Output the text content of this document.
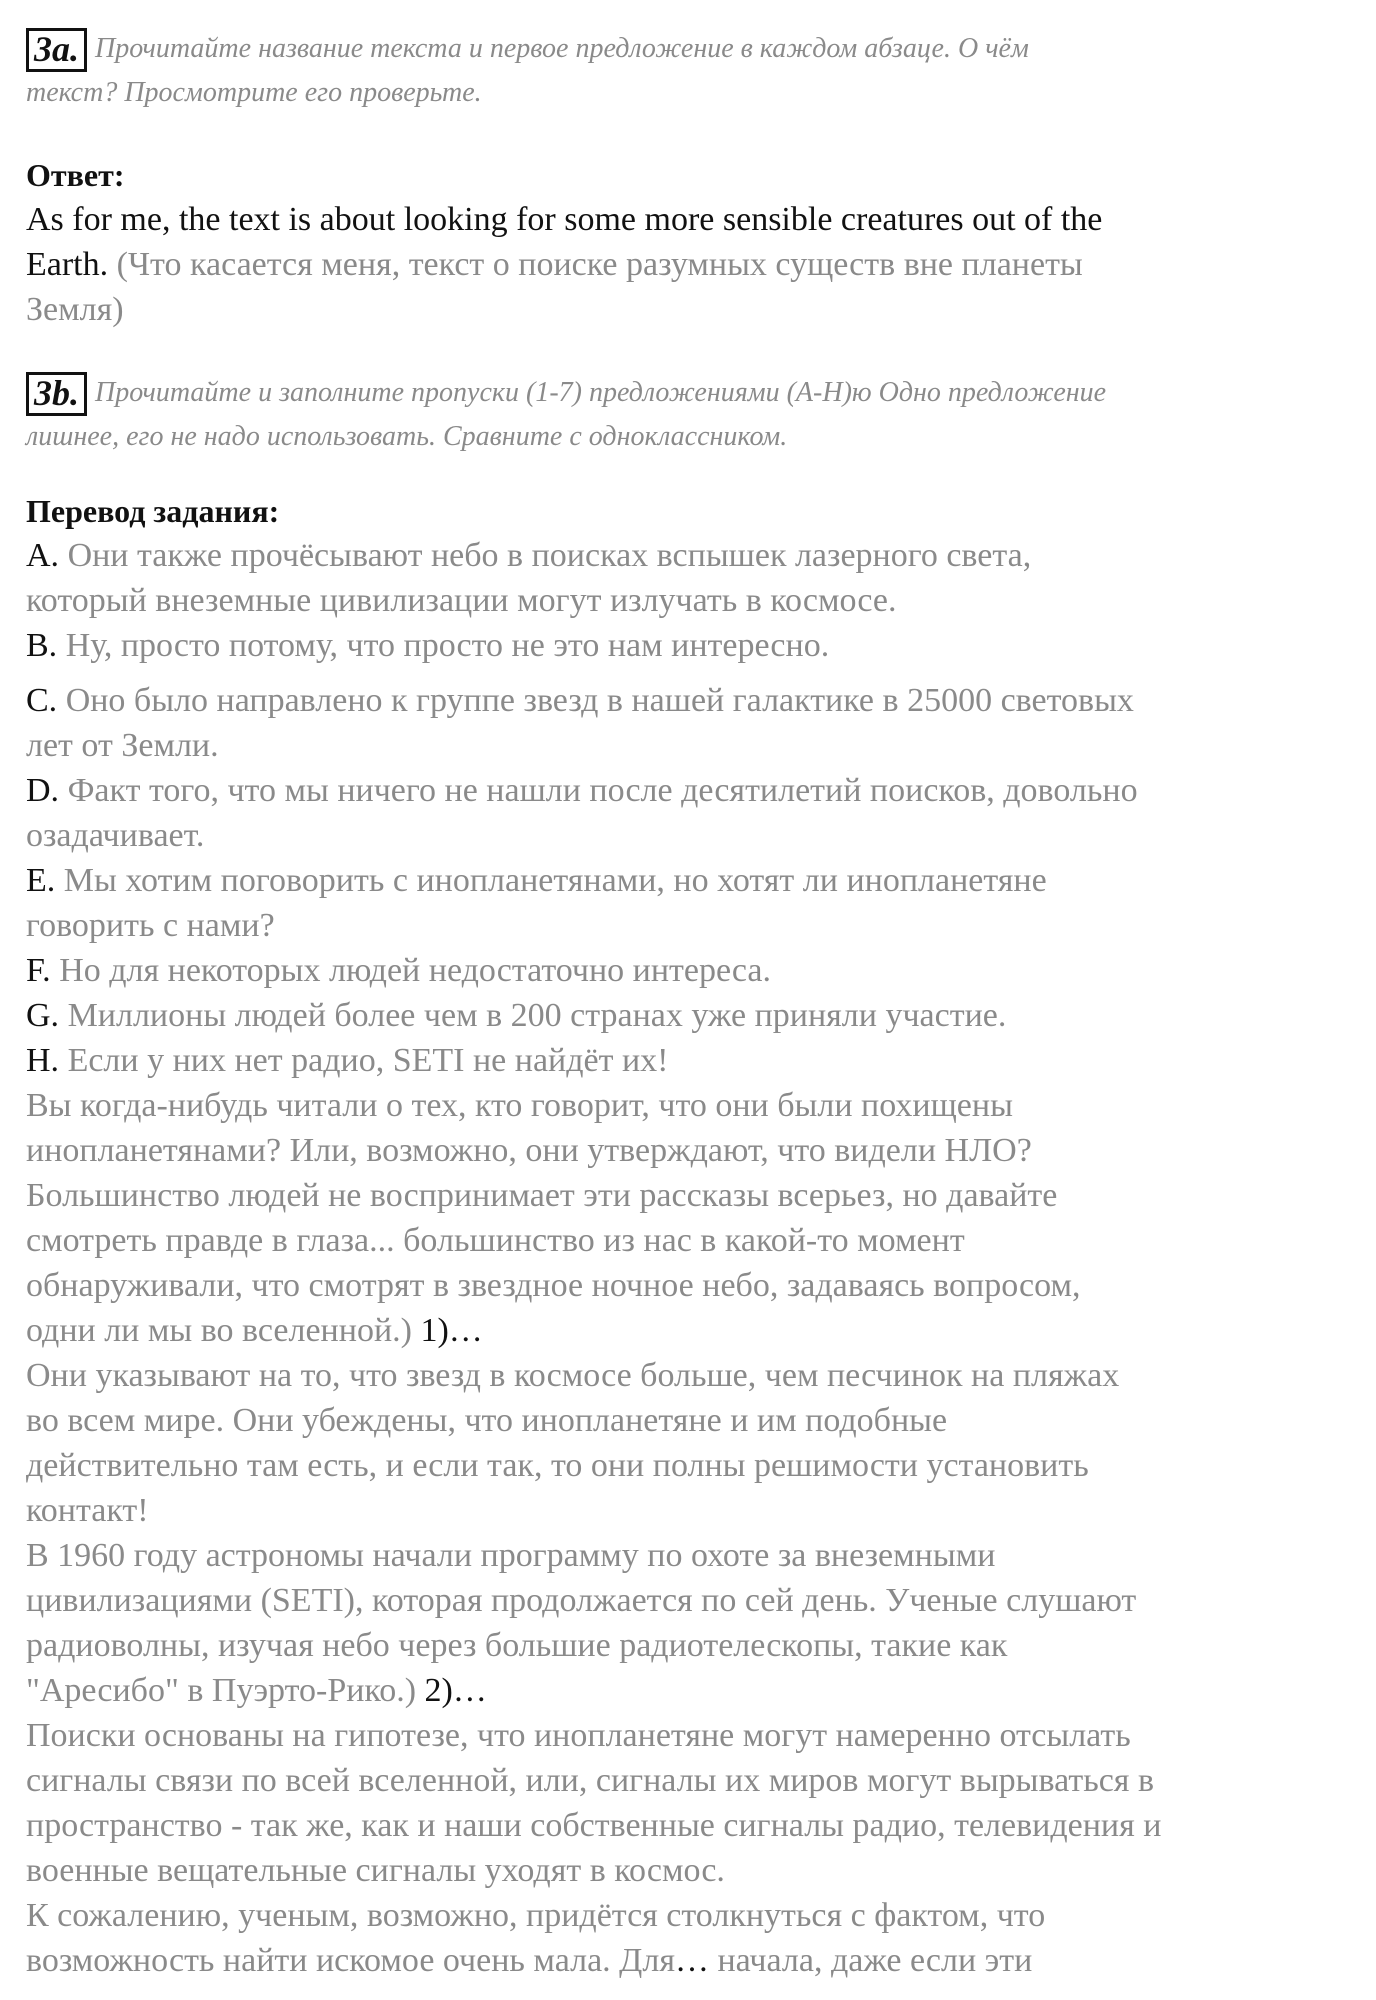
3a. Прочитайте название текста и первое предложение в каждом абзаце. О чём
текст? Просмотрите его проверьте.
Ответ:
As for me, the text is about looking for some more sensible creatures out of the
Earth. (Что касается меня, текст о поиске разумных существ вне планеты
Земля)
3b. Прочитайте и заполните пропуски (1-7) предложениями (А-Н)ю Одно предложение
лишнее, его не надо использовать. Сравните с одноклассником.
Перевод задания:
A. Они также прочёсывают небо в поисках вспышек лазерного света,
который внеземные цивилизации могут излучать в космосе.
B. Ну, просто потому, что просто не это нам интересно.
C. Оно было направлено к группе звезд в нашей галактике в 25000 световых
лет от Земли.
D. Факт того, что мы ничего не нашли после десятилетий поисков, довольно
озадачивает.
E. Мы хотим поговорить с инопланетянами, но хотят ли инопланетяне
говорить с нами?
F. Но для некоторых людей недостаточно интереса.
G. Миллионы людей более чем в 200 странах уже приняли участие.
H. Если у них нет радио, SETI не найдёт их!
Вы когда-нибудь читали о тех, кто говорит, что они были похищены
инопланетянами? Или, возможно, они утверждают, что видели НЛО?
Большинство людей не воспринимает эти рассказы всерьез, но давайте
смотреть правде в глаза... большинство из нас в какой-то момент
обнаруживали, что смотрят в звездное ночное небо, задаваясь вопросом,
одни ли мы во вселенной.) 1)…
Они указывают на то, что звезд в космосе больше, чем песчинок на пляжах
во всем мире. Они убеждены, что инопланетяне и им подобные
действительно там есть, и если так, то они полны решимости установить
контакт!
В 1960 году астрономы начали программу по охоте за внеземными
цивилизациями (SETI), которая продолжается по сей день. Ученые слушают
радиоволны, изучая небо через большие радиотелескопы, такие как
"Аресибо" в Пуэрто-Рико.) 2)…
Поиски основаны на гипотезе, что инопланетяне могут намеренно отсылать
сигналы связи по всей вселенной, или, сигналы их миров могут вырываться в
пространство - так же, как и наши собственные сигналы радио, телевидения и
военные вещательные сигналы уходят в космос.
К сожалению, ученым, возможно, придётся столкнуться с фактом, что
возможность найти искомое очень мала. Для… начала, даже если эти
